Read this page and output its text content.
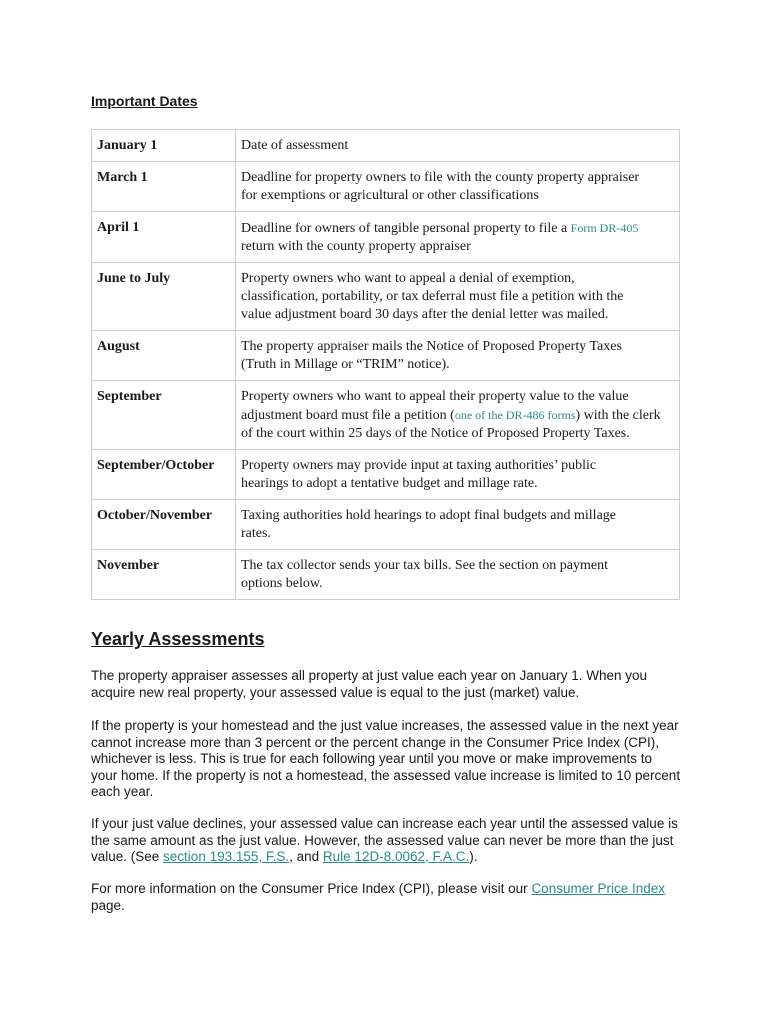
Important Dates
January 1	Date of assessment
March 1	Deadline for property owners to file with the county property appraiser
for exemptions or agricultural or other classifications
April 1	Deadline for owners of tangible personal property to file a Form DR-405 return with the county property appraiser
June to July	Property owners who want to appeal a denial of exemption,
classification, portability, or tax deferral must file a petition with the
value adjustment board 30 days after the denial letter was mailed.
August	The property appraiser mails the Notice of Proposed Property Taxes
(Truth in Millage or “TRIM” notice).
September	Property owners who want to appeal their property value to the value adjustment board must file a petition (one of the DR-486 forms) with the clerk of the court within 25 days of the Notice of Proposed Property Taxes.
September/October	Property owners may provide input at taxing authorities’ public
hearings to adopt a tentative budget and millage rate.
October/November	Taxing authorities hold hearings to adopt final budgets and millage
rates.
November	The tax collector sends your tax bills. See the section on payment
options below.
Yearly Assessments

The property appraiser assesses all property at just value each year on January 1. When you acquire new real property, your assessed value is equal to the just (market) value.

If the property is your homestead and the just value increases, the assessed value in the next year cannot increase more than 3 percent or the percent change in the Consumer Price Index (CPI), whichever is less. This is true for each following year until you move or make improvements to your home. If the property is not a homestead, the assessed value increase is limited to 10 percent each year.

If your just value declines, your assessed value can increase each year until the assessed value is the same amount as the just value. However, the assessed value can never be more than the just value. (See section 193.155, F.S., and Rule 12D-8.0062, F.A.C.).

For more information on the Consumer Price Index (CPI), please visit our Consumer Price Index page.
